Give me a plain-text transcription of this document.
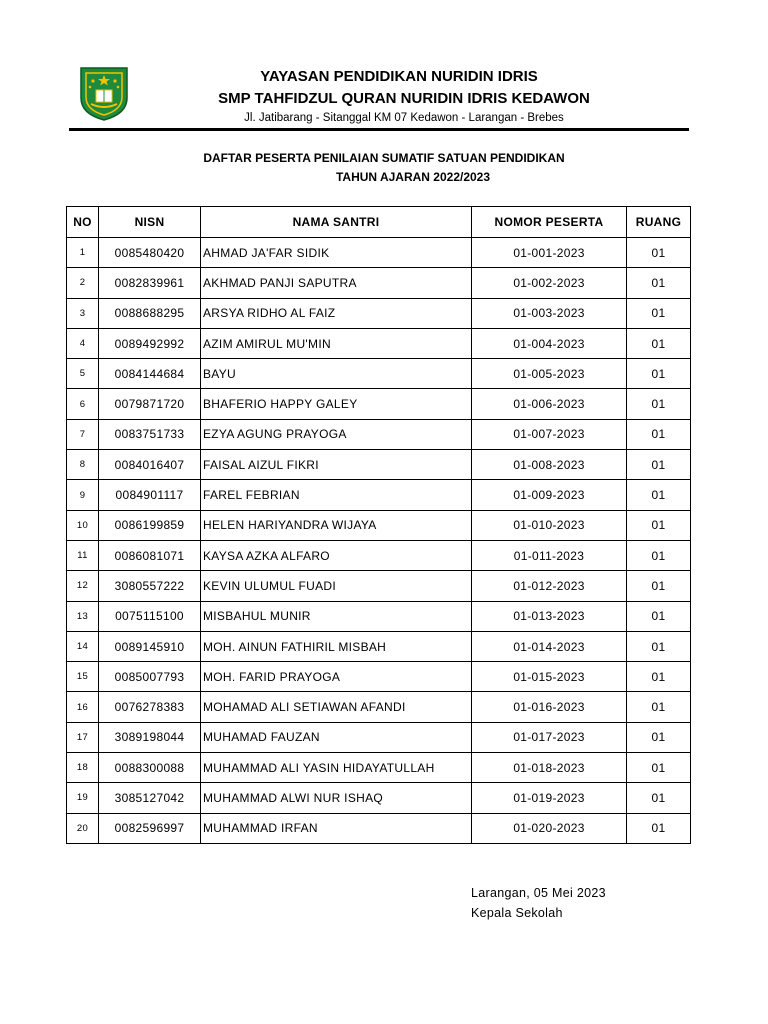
YAYASAN PENDIDIKAN NURIDIN IDRIS
SMP TAHFIDZUL QURAN NURIDIN IDRIS KEDAWON
Jl. Jatibarang - Sitanggal KM 07 Kedawon - Larangan - Brebes
DAFTAR PESERTA PENILAIAN SUMATIF SATUAN PENDIDIKAN
TAHUN AJARAN 2022/2023
NO	NISN	NAMA SANTRI	NOMOR PESERTA	RUANG
1	0085480420	AHMAD JA'FAR SIDIK	01-001-2023	01
2	0082839961	AKHMAD PANJI SAPUTRA	01-002-2023	01
3	0088688295	ARSYA RIDHO AL FAIZ	01-003-2023	01
4	0089492992	AZIM AMIRUL MU'MIN	01-004-2023	01
5	0084144684	BAYU	01-005-2023	01
6	0079871720	BHAFERIO HAPPY GALEY	01-006-2023	01
7	0083751733	EZYA AGUNG PRAYOGA	01-007-2023	01
8	0084016407	FAISAL AIZUL FIKRI	01-008-2023	01
9	0084901117	FAREL FEBRIAN	01-009-2023	01
10	0086199859	HELEN HARIYANDRA WIJAYA	01-010-2023	01
11	0086081071	KAYSA AZKA ALFARO	01-011-2023	01
12	3080557222	KEVIN ULUMUL FUADI	01-012-2023	01
13	0075115100	MISBAHUL MUNIR	01-013-2023	01
14	0089145910	MOH. AINUN FATHIRIL MISBAH	01-014-2023	01
15	0085007793	MOH. FARID PRAYOGA	01-015-2023	01
16	0076278383	MOHAMAD ALI SETIAWAN AFANDI	01-016-2023	01
17	3089198044	MUHAMAD FAUZAN	01-017-2023	01
18	0088300088	MUHAMMAD ALI YASIN HIDAYATULLAH	01-018-2023	01
19	3085127042	MUHAMMAD ALWI NUR ISHAQ	01-019-2023	01
20	0082596997	MUHAMMAD IRFAN	01-020-2023	01
Larangan, 05 Mei 2023
Kepala Sekolah
